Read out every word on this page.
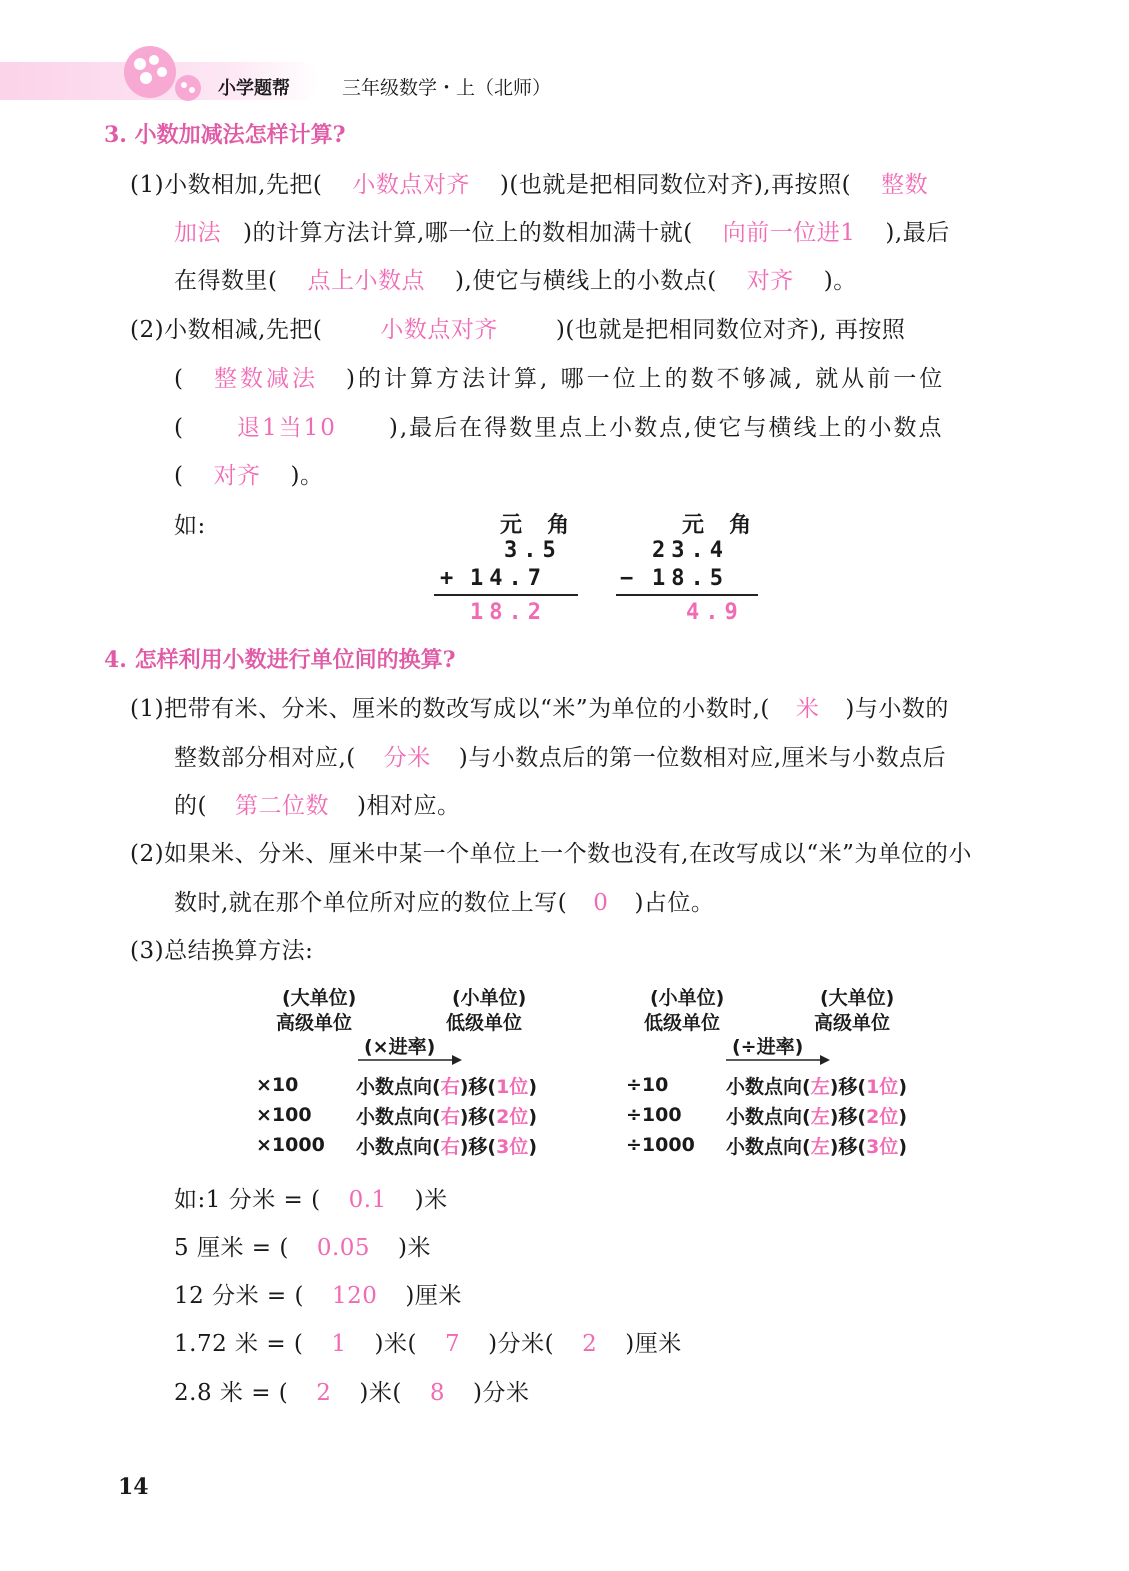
小学题帮	三年级数学・上（北师）
3. 小数加减法怎样计算?
(1)小数相加,先把( 小数点对齐 )(也就是把相同数位对齐),再按照( 整数
加法 )的计算方法计算,哪一位上的数相加满十就( 向前一位进1 ),最后
在得数里( 点上小数点 ),使它与横线上的小数点( 对齐 )。
(2)小数相减,先把(	小数点对齐	)(也就是把相同数位对齐), 再按照
( 整数减法 )的计算方法计算, 哪一位上的数不够减, 就从前一位
( 退1当10 ),最后在得数里点上小数点,使它与横线上的小数点
( 对齐 )。
如:	元 角
3.5
+ 14.7
18.2
元 角
23.4
− 18.5
4.9
4. 怎样利用小数进行单位间的换算?
(1)把带有米、分米、厘米的数改写成以“米”为单位的小数时,( 米 )与小数的
整数部分相对应,( 分米 )与小数点后的第一位数相对应,厘米与小数点后
的( 第二位数 )相对应。
(2)如果米、分米、厘米中某一个单位上一个数也没有,在改写成以“米”为单位的小
数时,就在那个单位所对应的数位上写( 0 )占位。
(3)总结换算方法:
(大单位)
高级单位
(小单位)
低级单位
(×进率)
×10	小数点向(右)移(1位)
×100 小数点向(右)移(2位)
×1000 小数点向(右)移(3位)
(小单位)
低级单位
(大单位)
高级单位
(÷进率)
÷10	小数点向(左)移(1位)
÷100 小数点向(左)移(2位)
÷1000 小数点向(左)移(3位)
如:1 分米 = ( 0.1 )米
5 厘米 = ( 0.05 )米
12 分米 = ( 120 )厘米
1.72 米 = ( 1 )米( 7 )分米( 2 )厘米
2.8 米 = ( 2 )米( 8 )分米
14
